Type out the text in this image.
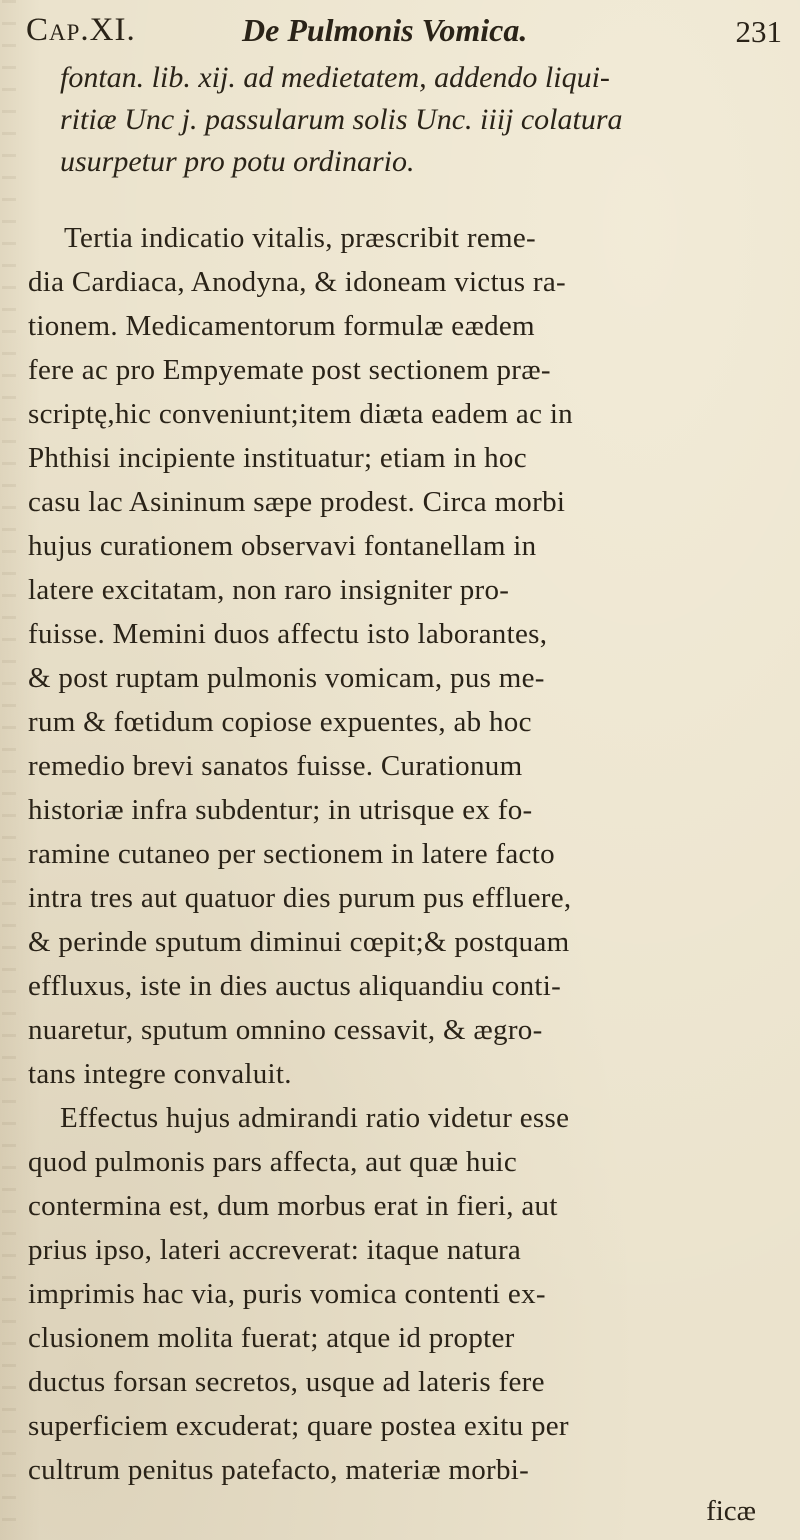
Cap.XI.	De Pulmonis Vomica.	231
fontan. lib. xij. ad medietatem, addendo liqui-
ritiæ Unc j. passularum solis Unc. iiij colatura
usurpetur pro potu ordinario.
Tertia indicatio vitalis, præscribit reme-
dia Cardiaca, Anodyna, & idoneam victus ra-
tionem. Medicamentorum formulæ eædem
fere ac pro Empyemate post sectionem præ-
scriptę,hic conveniunt;item diæta eadem ac in
Phthisi incipiente instituatur; etiam in hoc
casu lac Asininum sæpe prodest. Circa morbi
hujus curationem observavi fontanellam in
latere excitatam, non raro insigniter pro-
fuisse. Memini duos affectu isto laborantes,
& post ruptam pulmonis vomicam, pus me-
rum & fœtidum copiose expuentes, ab hoc
remedio brevi sanatos fuisse. Curationum
historiæ infra subdentur; in utrisque ex fo-
ramine cutaneo per sectionem in latere facto
intra tres aut quatuor dies purum pus effluere,
& perinde sputum diminui cœpit;& postquam
effluxus, iste in dies auctus aliquandiu conti-
nuaretur, sputum omnino cessavit, & ægro-
tans integre convaluit.
Effectus hujus admirandi ratio videtur esse
quod pulmonis pars affecta, aut quæ huic
contermina est, dum morbus erat in fieri, aut
prius ipso, lateri accreverat: itaque natura
imprimis hac via, puris vomica contenti ex-
clusionem molita fuerat; atque id propter
ductus forsan secretos, usque ad lateris fere
superficiem excuderat; quare postea exitu per
cultrum penitus patefacto, materiæ morbi-
ficæ
